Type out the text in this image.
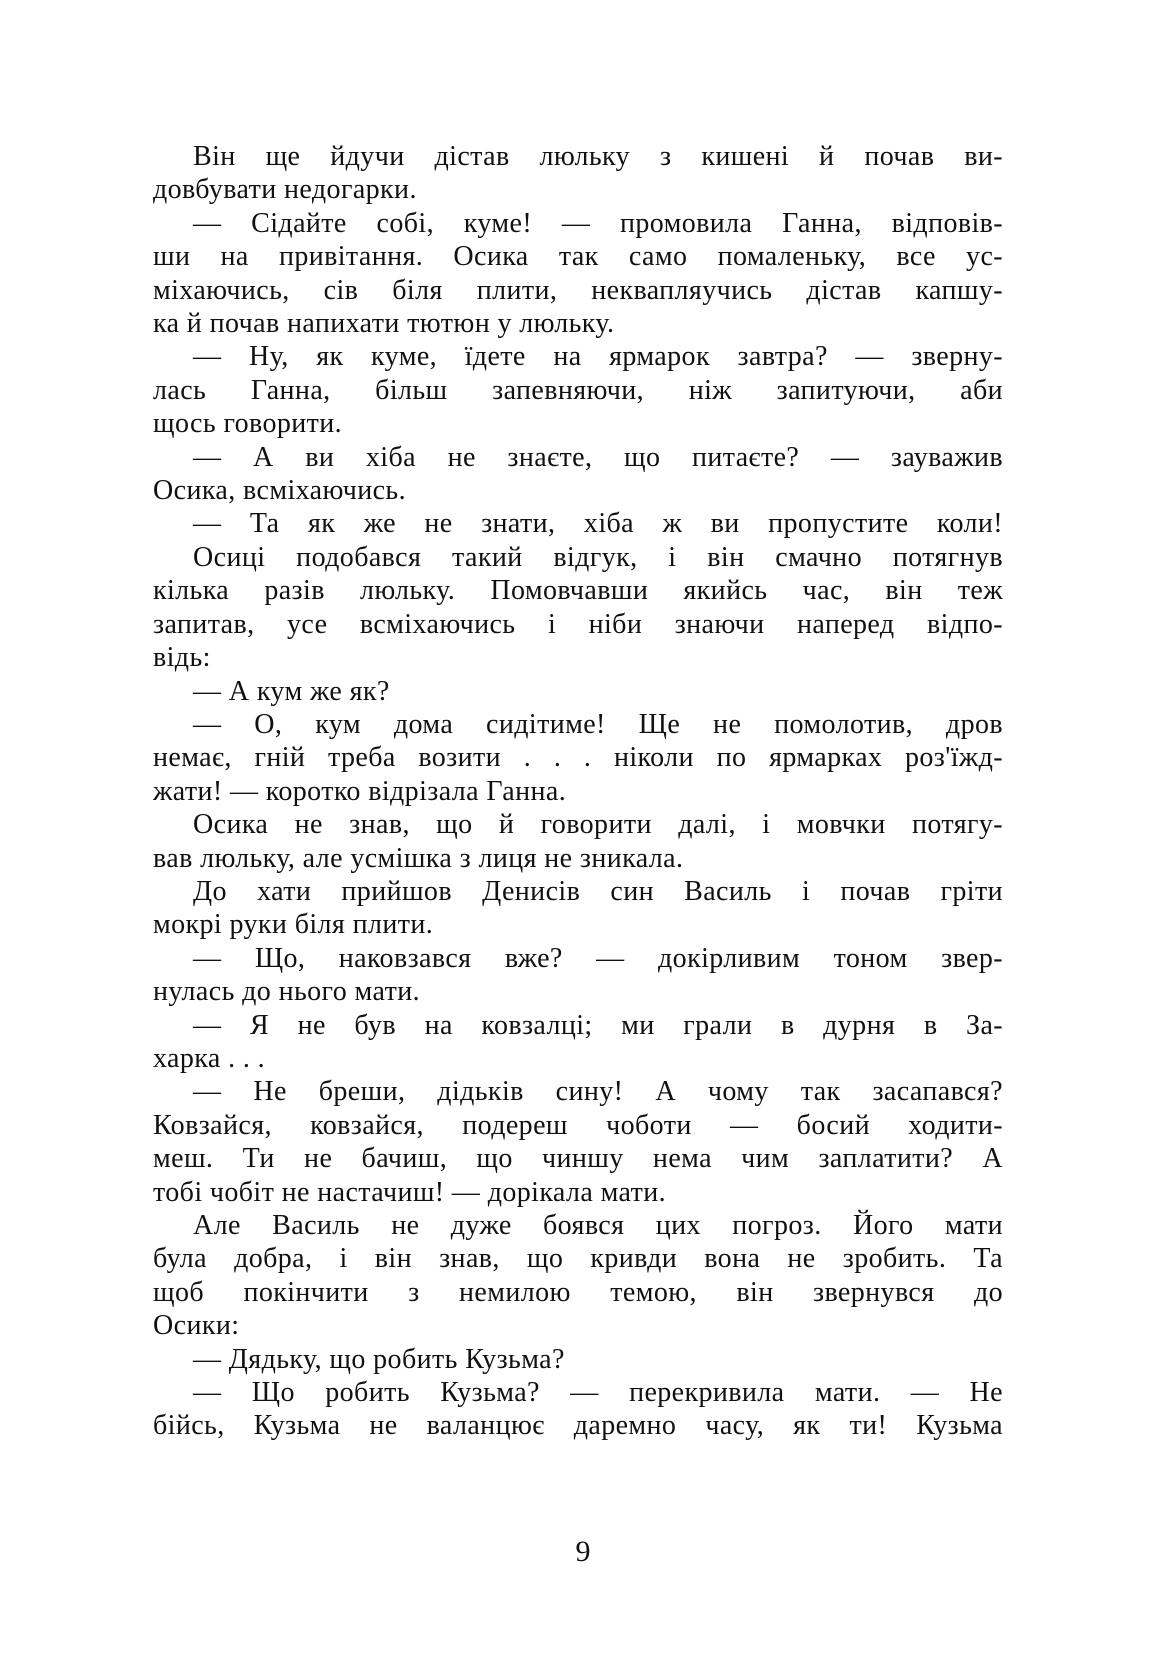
Він ще йдучи дістав люльку з кишені й почав ви-
довбувати недогарки.
— Сідайте собі, куме! — промовила Ганна, відповів-
ши на привітання. Осика так само помаленьку, все ус-
міхаючись, сів біля плити, неквапляучись дістав капшу-
ка й почав напихати тютюн у люльку.
— Ну, як куме, їдете на ярмарок завтра? — зверну-
лась Ганна, більш запевняючи, ніж запитуючи, аби
щось говорити.
— А ви хіба не знаєте, що питаєте? — зауважив
Осика, всміхаючись.
— Та як же не знати, хіба ж ви пропустите коли!
Осиці подобався такий відгук, і він смачно потягнув
кілька разів люльку. Помовчавши якийсь час, він теж
запитав, усе всміхаючись і ніби знаючи наперед відпо-
відь:
— А кум же як?
— О, кум дома сидітиме! Ще не помолотив, дров
немає, гній треба возити . . . ніколи по ярмарках роз'їжд-
жати! — коротко відрізала Ганна.
Осика не знав, що й говорити далі, і мовчки потягу-
вав люльку, але усмішка з лиця не зникала.
До хати прийшов Денисів син Василь і почав гріти
мокрі руки біля плити.
— Що, наковзався вже? — докірливим тоном звер-
нулась до нього мати.
— Я не був на ковзалці; ми грали в дурня в За-
харка . . .
— Не бреши, дідьків сину! А чому так засапався?
Ковзайся, ковзайся, подереш чоботи — босий ходити-
меш. Ти не бачиш, що чиншу нема чим заплатити? А
тобі чобіт не настачиш! — дорікала мати.
Але Василь не дуже боявся цих погроз. Його мати
була добра, і він знав, що кривди вона не зробить. Та
щоб покінчити з немилою темою, він звернувся до
Осики:
— Дядьку, що робить Кузьма?
— Що робить Кузьма? — перекривила мати. — Не
бійсь, Кузьма не валанцює даремно часу, як ти! Кузьма
9
